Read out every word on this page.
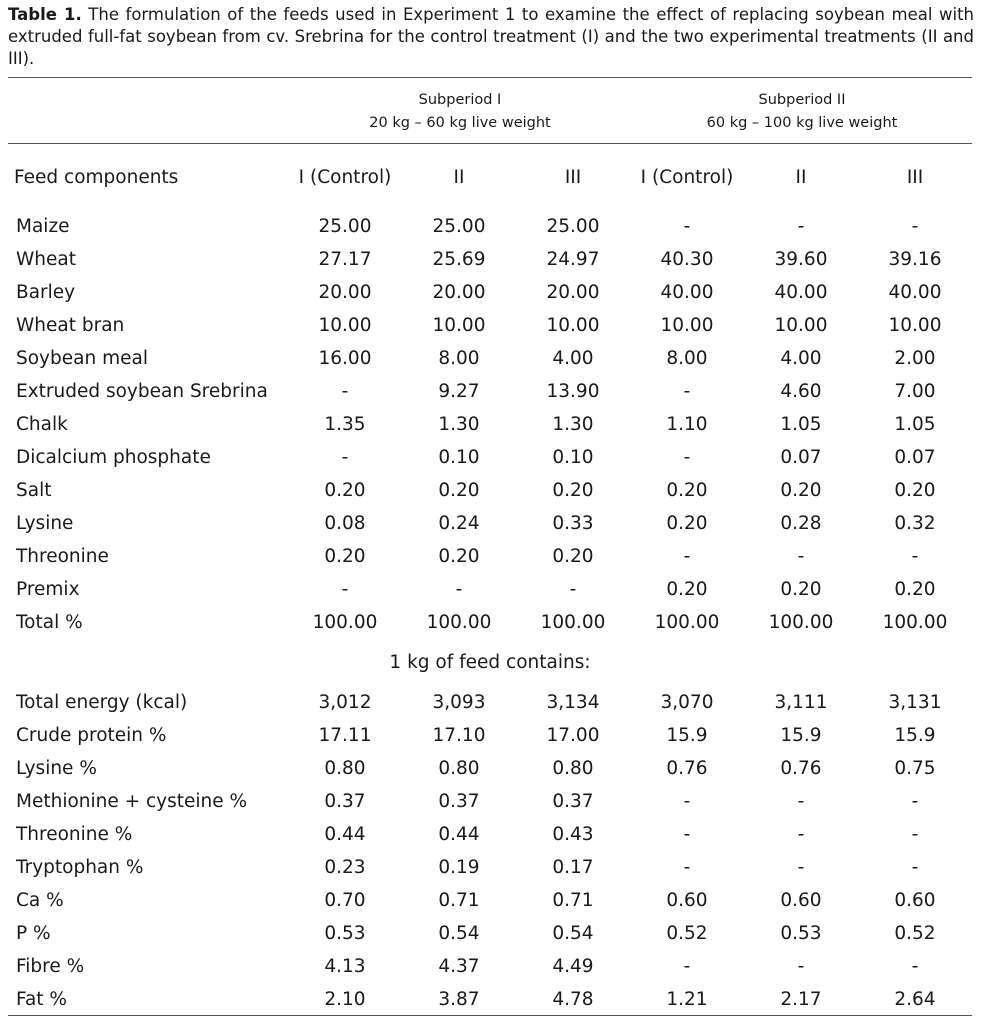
Table 1. The formulation of the feeds used in Experiment 1 to examine the effect of replacing soybean meal with extruded full-fat soybean from cv. Srebrina for the control treatment (I) and the two experimental treatments (II and III).
Subperiod I
20 kg – 60 kg live weight
Subperiod II
60 kg – 100 kg live weight
Feed components	I (Control)	II	III	I (Control)	II	III
Maize	25.00	25.00	25.00	-	-	-
Wheat	27.17	25.69	24.97	40.30	39.60	39.16
Barley	20.00	20.00	20.00	40.00	40.00	40.00
Wheat bran	10.00	10.00	10.00	10.00	10.00	10.00
Soybean meal	16.00	8.00	4.00	8.00	4.00	2.00
Extruded soybean Srebrina	-	9.27	13.90	-	4.60	7.00
Chalk	1.35	1.30	1.30	1.10	1.05	1.05
Dicalcium phosphate	-	0.10	0.10	-	0.07	0.07
Salt	0.20	0.20	0.20	0.20	0.20	0.20
Lysine	0.08	0.24	0.33	0.20	0.28	0.32
Threonine	0.20	0.20	0.20	-	-	-
Premix	-	-	-	0.20	0.20	0.20
Total %	100.00	100.00	100.00	100.00	100.00	100.00
1 kg of feed contains:
Total energy (kcal)	3,012	3,093	3,134	3,070	3,111	3,131
Crude protein %	17.11	17.10	17.00	15.9	15.9	15.9
Lysine %	0.80	0.80	0.80	0.76	0.76	0.75
Methionine + cysteine %	0.37	0.37	0.37	-	-	-
Threonine %	0.44	0.44	0.43	-	-	-
Tryptophan %	0.23	0.19	0.17	-	-	-
Ca %	0.70	0.71	0.71	0.60	0.60	0.60
P %	0.53	0.54	0.54	0.52	0.53	0.52
Fibre %	4.13	4.37	4.49	-	-	-
Fat %	2.10	3.87	4.78	1.21	2.17	2.64
